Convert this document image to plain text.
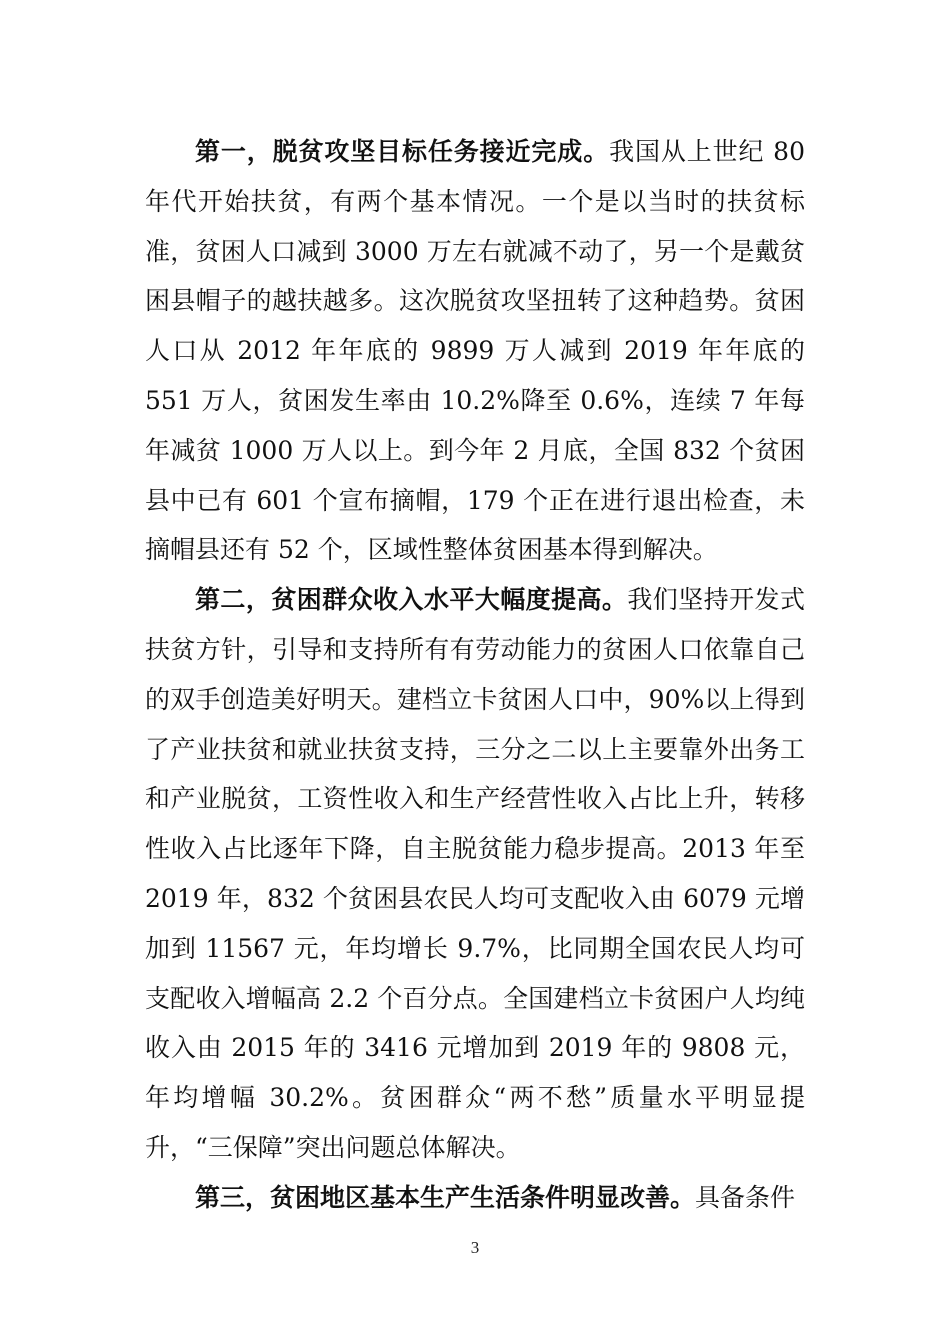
第一，脱贫攻坚目标任务接近完成。我国从上世纪 80 年代开始扶贫，有两个基本情况。一个是以当时的扶贫标准，贫困人口减到 3000 万左右就减不动了，另一个是戴贫困县帽子的越扶越多。这次脱贫攻坚扭转了这种趋势。贫困人口从 2012 年年底的 9899 万人减到 2019 年年底的 551 万人，贫困发生率由 10.2%降至 0.6%，连续 7 年每年减贫 1000 万人以上。到今年 2 月底，全国 832 个贫困县中已有 601 个宣布摘帽，179 个正在进行退出检查，未摘帽县还有 52 个，区域性整体贫困基本得到解决。

第二，贫困群众收入水平大幅度提高。我们坚持开发式扶贫方针，引导和支持所有有劳动能力的贫困人口依靠自己的双手创造美好明天。建档立卡贫困人口中，90%以上得到了产业扶贫和就业扶贫支持，三分之二以上主要靠外出务工和产业脱贫，工资性收入和生产经营性收入占比上升，转移性收入占比逐年下降，自主脱贫能力稳步提高。2013 年至 2019 年，832 个贫困县农民人均可支配收入由 6079 元增加到 11567 元，年均增长 9.7%，比同期全国农民人均可支配收入增幅高 2.2 个百分点。全国建档立卡贫困户人均纯收入由 2015 年的 3416 元增加到 2019 年的 9808 元，年均增幅 30.2%。贫困群众“两不愁”质量水平明显提升，“三保障”突出问题总体解决。

第三，贫困地区基本生产生活条件明显改善。具备条件

3
